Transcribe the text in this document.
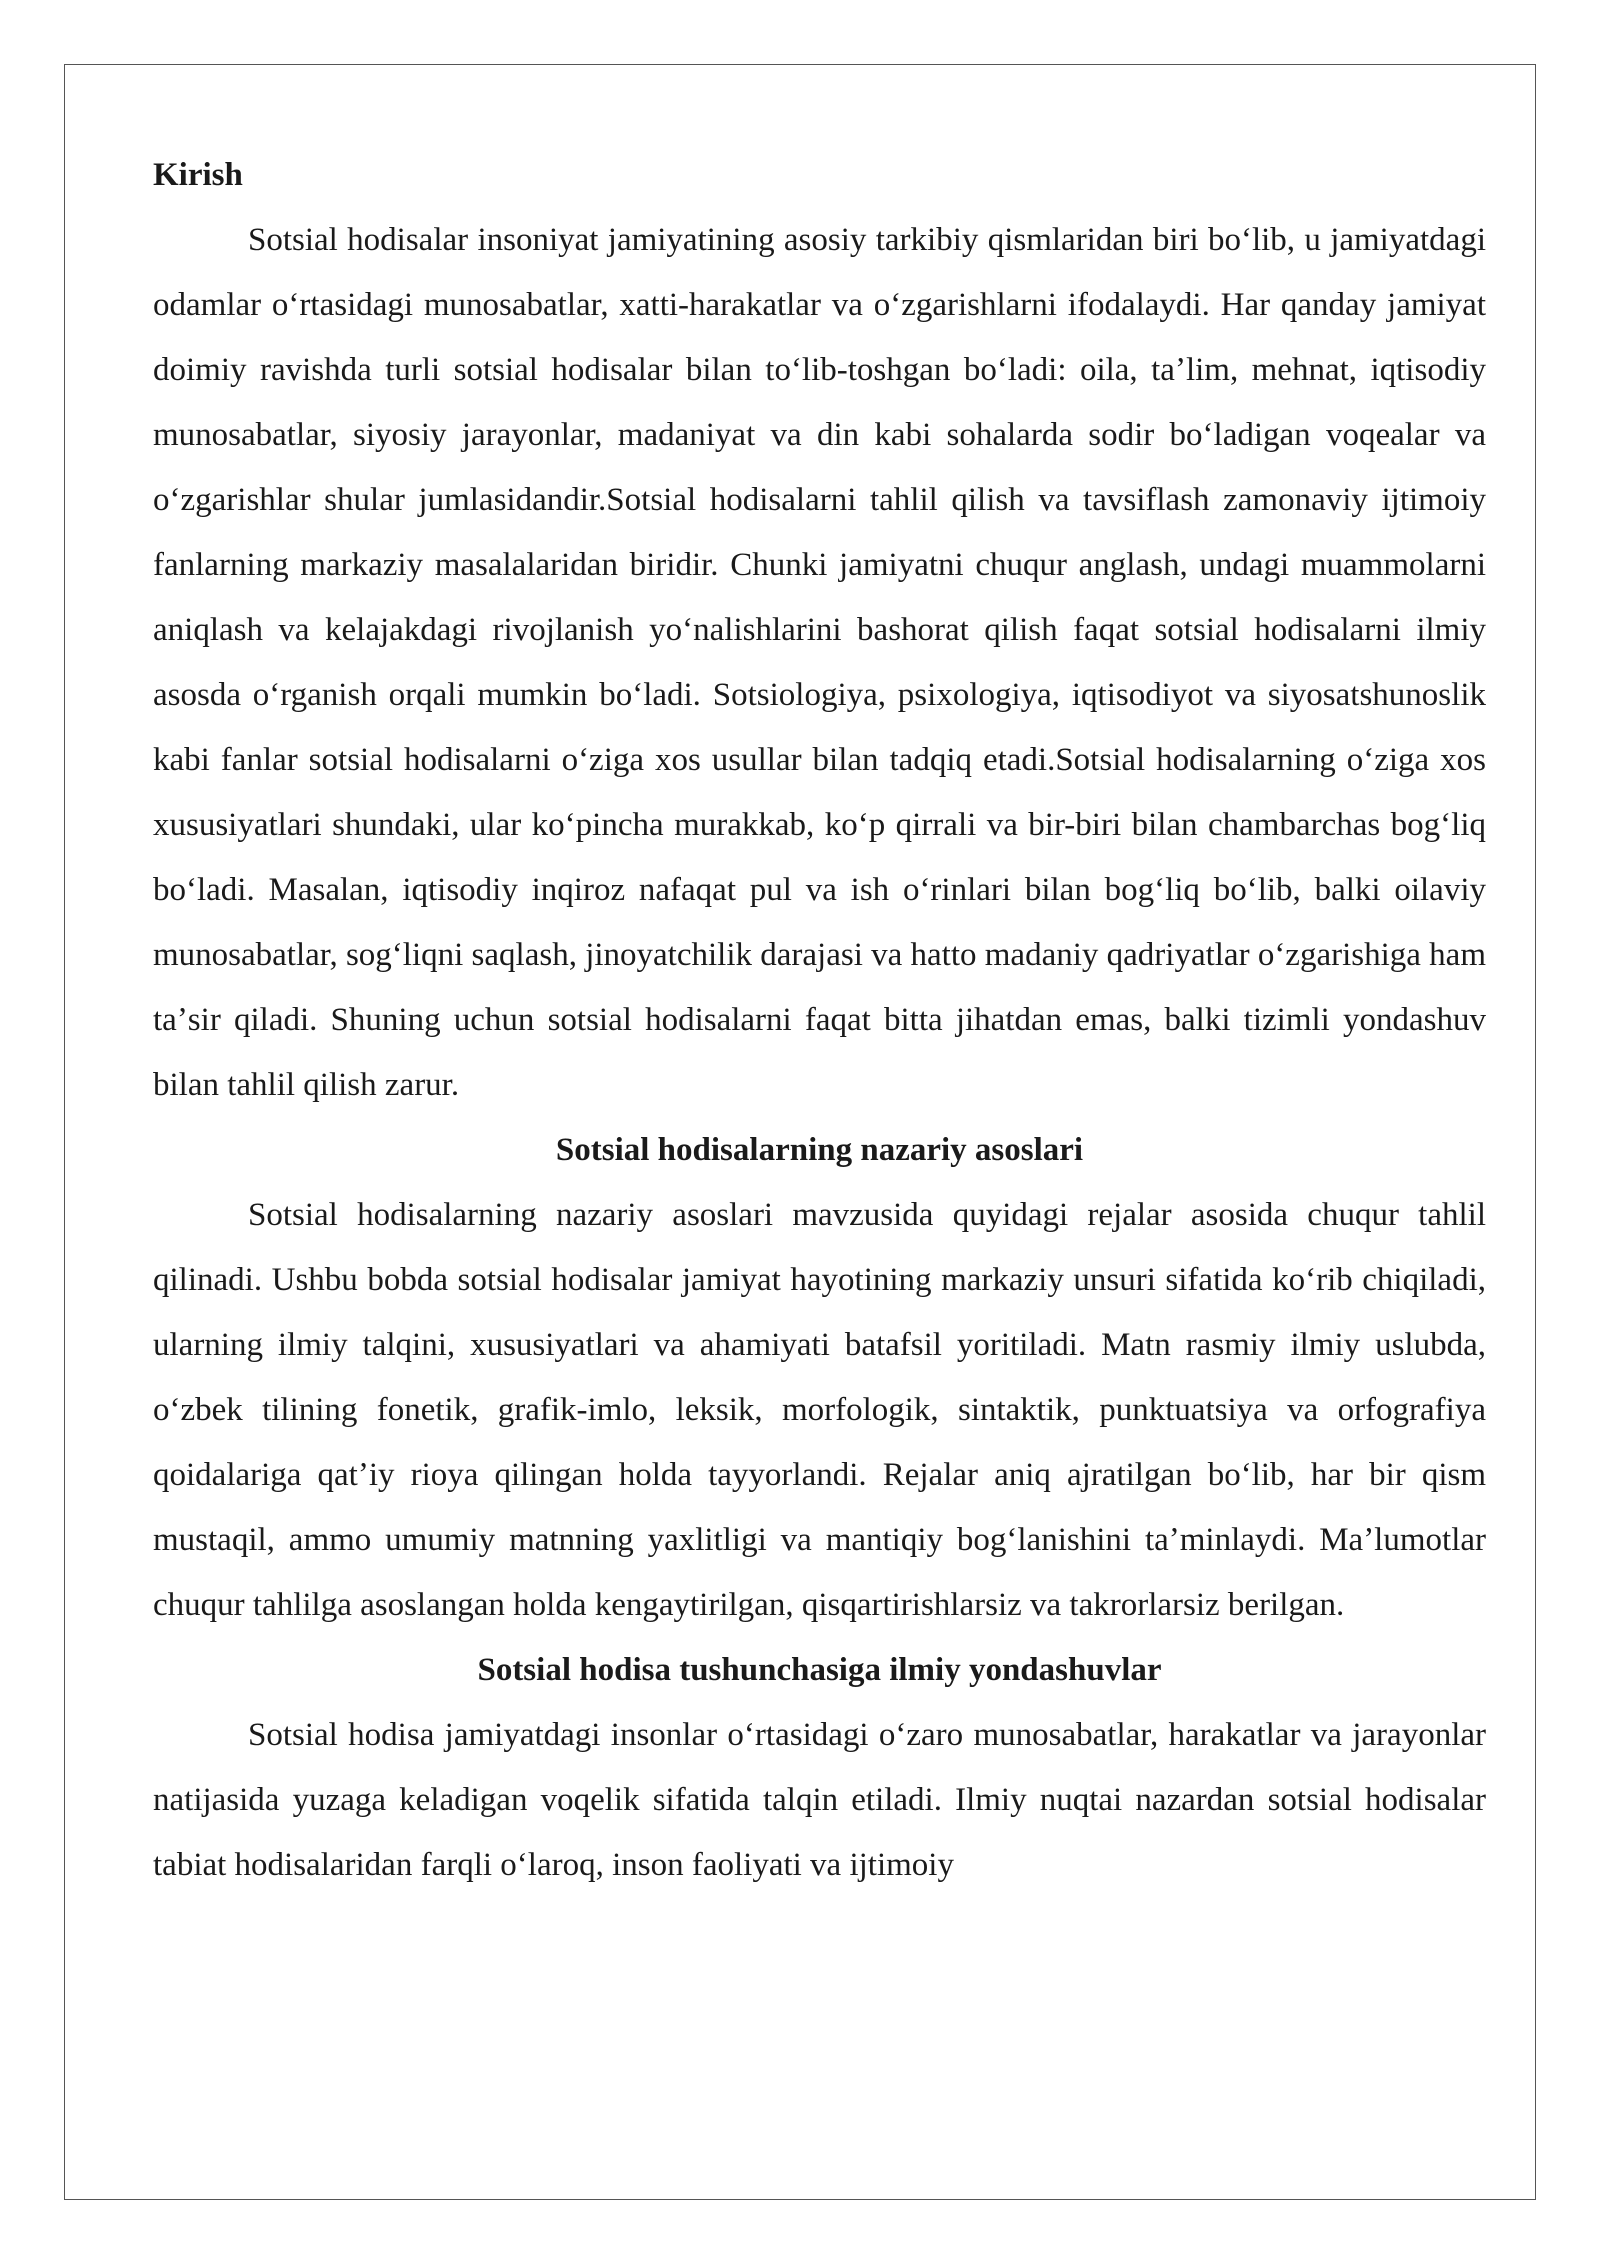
Kirish

Sotsial hodisalar insoniyat jamiyatining asosiy tarkibiy qismlaridan biri boʻlib, u jamiyatdagi odamlar oʻrtasidagi munosabatlar, xatti-harakatlar va oʻzgarishlarni ifodalaydi. Har qanday jamiyat doimiy ravishda turli sotsial hodisalar bilan toʻlib-toshgan boʻladi: oila, taʼlim, mehnat, iqtisodiy munosabatlar, siyosiy jarayonlar, madaniyat va din kabi sohalarda sodir boʻladigan voqealar va oʻzgarishlar shular jumlasidandir.Sotsial hodisalarni tahlil qilish va tavsiflash zamonaviy ijtimoiy fanlarning markaziy masalalaridan biridir. Chunki jamiyatni chuqur anglash, undagi muammolarni aniqlash va kelajakdagi rivojlanish yoʻnalishlarini bashorat qilish faqat sotsial hodisalarni ilmiy asosda oʻrganish orqali mumkin boʻladi. Sotsiologiya, psixologiya, iqtisodiyot va siyosatshunoslik kabi fanlar sotsial hodisalarni oʻziga xos usullar bilan tadqiq etadi.Sotsial hodisalarning oʻziga xos xususiyatlari shundaki, ular koʻpincha murakkab, koʻp qirrali va bir-biri bilan chambarchas bogʻliq boʻladi. Masalan, iqtisodiy inqiroz nafaqat pul va ish oʻrinlari bilan bogʻliq boʻlib, balki oilaviy munosabatlar, sogʻliqni saqlash, jinoyatchilik darajasi va hatto madaniy qadriyatlar oʻzgarishiga ham taʼsir qiladi. Shuning uchun sotsial hodisalarni faqat bitta jihatdan emas, balki tizimli yondashuv bilan tahlil qilish zarur.

Sotsial hodisalarning nazariy asoslari

Sotsial hodisalarning nazariy asoslari mavzusida quyidagi rejalar asosida chuqur tahlil qilinadi. Ushbu bobda sotsial hodisalar jamiyat hayotining markaziy unsuri sifatida koʻrib chiqiladi, ularning ilmiy talqini, xususiyatlari va ahamiyati batafsil yoritiladi. Matn rasmiy ilmiy uslubda, oʻzbek tilining fonetik, grafik-imlo, leksik, morfologik, sintaktik, punktuatsiya va orfografiya qoidalariga qatʼiy rioya qilingan holda tayyorlandi. Rejalar aniq ajratilgan boʻlib, har bir qism mustaqil, ammo umumiy matnning yaxlitligi va mantiqiy bogʻlanishini taʼminlaydi. Maʼlumotlar chuqur tahlilga asoslangan holda kengaytirilgan, qisqartirishlarsiz va takrorlarsiz berilgan.

Sotsial hodisa tushunchasiga ilmiy yondashuvlar

Sotsial hodisa jamiyatdagi insonlar oʻrtasidagi oʻzaro munosabatlar, harakatlar va jarayonlar natijasida yuzaga keladigan voqelik sifatida talqin etiladi. Ilmiy nuqtai nazardan sotsial hodisalar tabiat hodisalaridan farqli oʻlaroq, inson faoliyati va ijtimoiy
